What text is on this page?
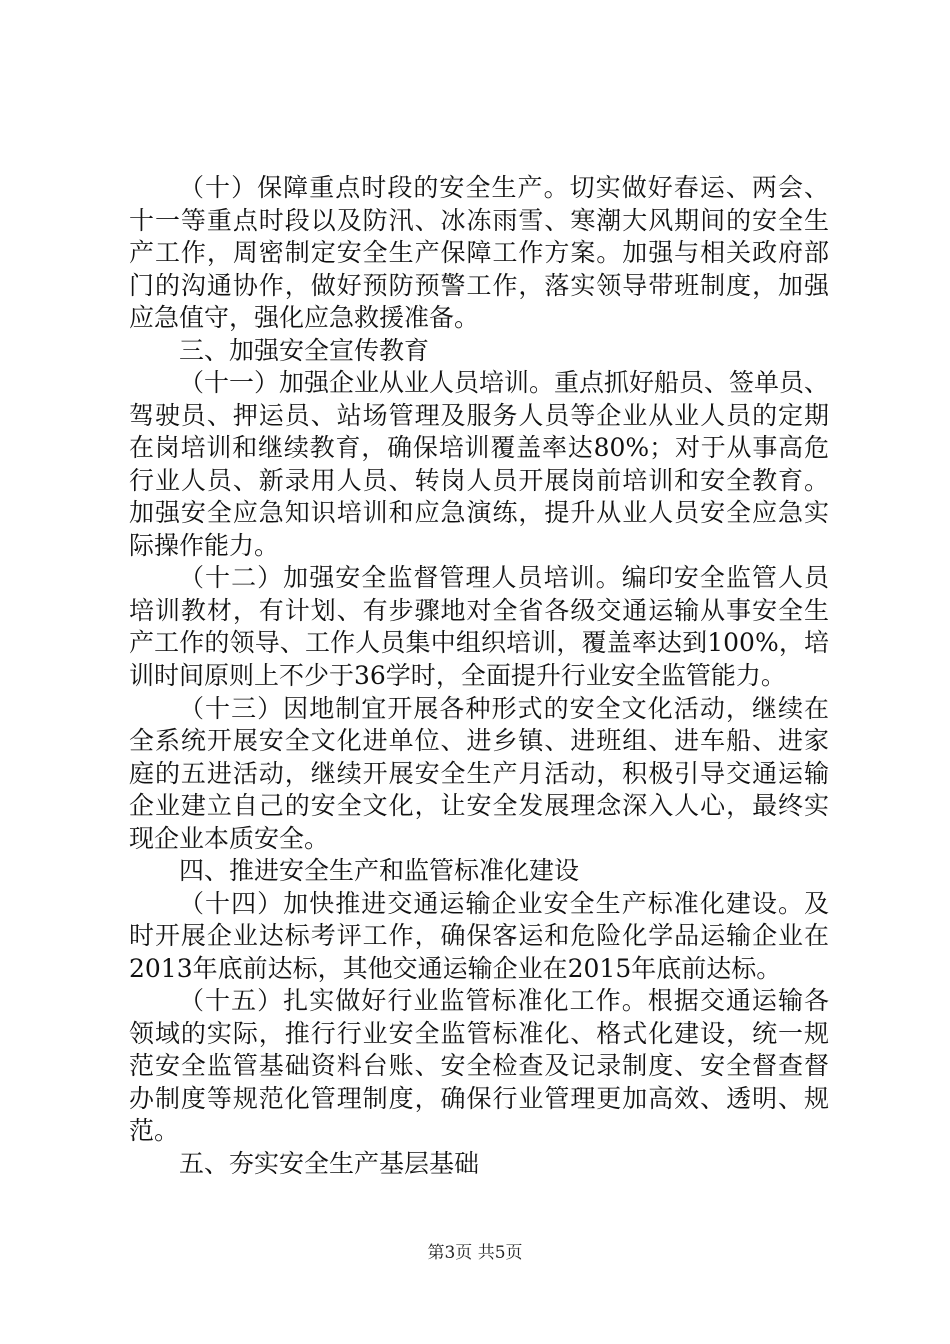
（十）保障重点时段的安全生产。切实做好春运、两会、
十一等重点时段以及防汛、冰冻雨雪、寒潮大风期间的安全生
产工作，周密制定安全生产保障工作方案。加强与相关政府部
门的沟通协作，做好预防预警工作，落实领导带班制度，加强
应急值守，强化应急救援准备。
三、加强安全宣传教育
（十一）加强企业从业人员培训。重点抓好船员、签单员、
驾驶员、押运员、站场管理及服务人员等企业从业人员的定期
在岗培训和继续教育，确保培训覆盖率达80%；对于从事高危
行业人员、新录用人员、转岗人员开展岗前培训和安全教育。
加强安全应急知识培训和应急演练，提升从业人员安全应急实
际操作能力。
（十二）加强安全监督管理人员培训。编印安全监管人员
培训教材，有计划、有步骤地对全省各级交通运输从事安全生
产工作的领导、工作人员集中组织培训，覆盖率达到100%，培
训时间原则上不少于36学时，全面提升行业安全监管能力。
（十三）因地制宜开展各种形式的安全文化活动，继续在
全系统开展安全文化进单位、进乡镇、进班组、进车船、进家
庭的五进活动，继续开展安全生产月活动，积极引导交通运输
企业建立自己的安全文化，让安全发展理念深入人心，最终实
现企业本质安全。
四、推进安全生产和监管标准化建设
（十四）加快推进交通运输企业安全生产标准化建设。及
时开展企业达标考评工作，确保客运和危险化学品运输企业在
2013年底前达标，其他交通运输企业在2015年底前达标。
（十五）扎实做好行业监管标准化工作。根据交通运输各
领域的实际，推行行业安全监管标准化、格式化建设，统一规
范安全监管基础资料台账、安全检查及记录制度、安全督查督
办制度等规范化管理制度，确保行业管理更加高效、透明、规
范。
五、夯实安全生产基层基础
第3页 共5页
